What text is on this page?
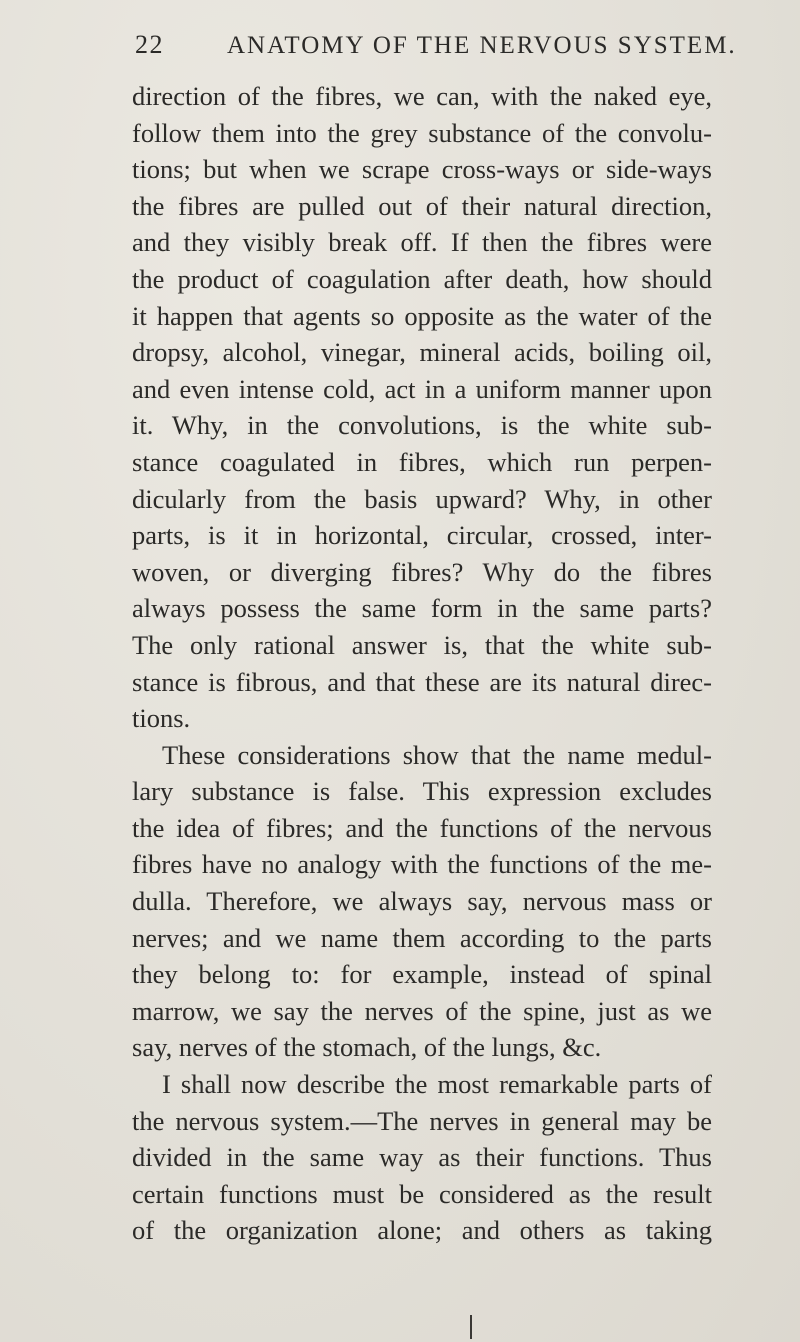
22	ANATOMY OF THE NERVOUS SYSTEM.
direction of the fibres, we can, with the naked eye,
follow them into the grey substance of the convolu-
tions; but when we scrape cross-ways or side-ways
the fibres are pulled out of their natural direction,
and they visibly break off. If then the fibres were
the product of coagulation after death, how should
it happen that agents so opposite as the water of the
dropsy, alcohol, vinegar, mineral acids, boiling oil,
and even intense cold, act in a uniform manner upon
it. Why, in the convolutions, is the white sub-
stance coagulated in fibres, which run perpen-
dicularly from the basis upward? Why, in other
parts, is it in horizontal, circular, crossed, inter-
woven, or diverging fibres? Why do the fibres
always possess the same form in the same parts?
The only rational answer is, that the white sub-
stance is fibrous, and that these are its natural direc-
tions.
These considerations show that the name medul-
lary substance is false. This expression excludes
the idea of fibres; and the functions of the nervous
fibres have no analogy with the functions of the me-
dulla. Therefore, we always say, nervous mass or
nerves; and we name them according to the parts
they belong to: for example, instead of spinal
marrow, we say the nerves of the spine, just as we
say, nerves of the stomach, of the lungs, &c.
I shall now describe the most remarkable parts of
the nervous system.—The nerves in general may be
divided in the same way as their functions. Thus
certain functions must be considered as the result
of the organization alone; and others as taking
